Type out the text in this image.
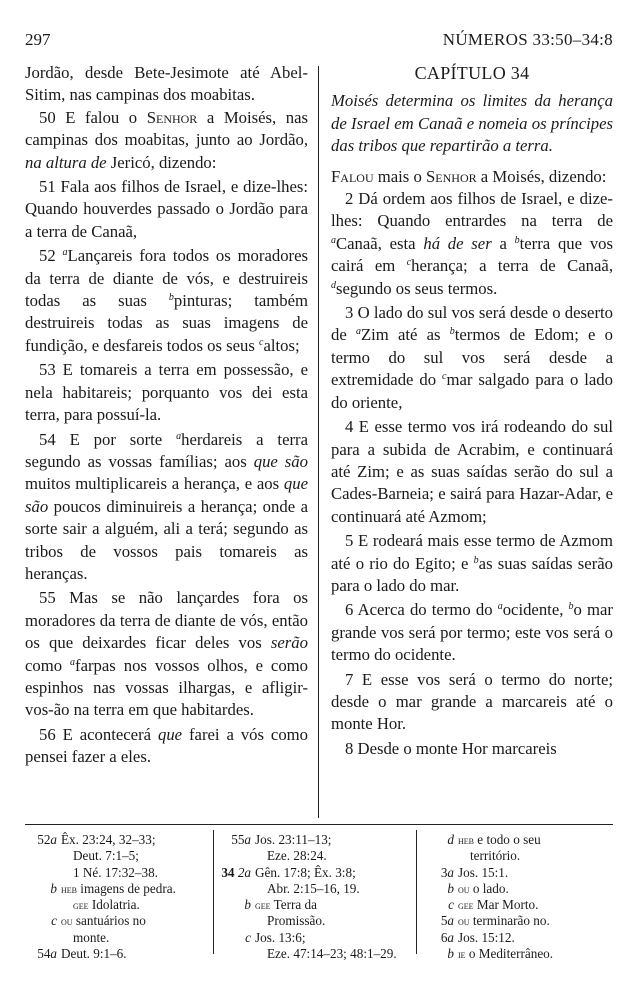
297	NÚMEROS 33:50–34:8

Jordão, desde Bete-Jesimote até Abel-Sitim, nas campinas dos moabitas.

50 E falou o Senhor a Moisés, nas campinas dos moabitas, junto ao Jordão, na altura de Jericó, dizendo:

51 Fala aos filhos de Israel, e dize-lhes: Quando houverdes passado o Jordão para a terra de Canaã,

52 $^a$Lançareis fora todos os moradores da terra de diante de vós, e destruireis todas as suas $^b$pinturas; também destruireis todas as suas imagens de fundição, e desfareis todos os seus $^c$altos;

53 E tomareis a terra em possessão, e nela habitareis; porquanto vos dei esta terra, para possuí-la.

54 E por sorte $^a$herdareis a terra segundo as vossas famílias; aos que são muitos multiplicareis a herança, e aos que são poucos diminuireis a herança; onde a sorte sair a alguém, ali a terá; segundo as tribos de vossos pais tomareis as heranças.

55 Mas se não lançardes fora os moradores da terra de diante de vós, então os que deixardes ficar deles vos serão como $^a$farpas nos vossos olhos, e como espinhos nas vossas ilhargas, e afligir-vos-ão na terra em que habitardes.

56 E acontecerá que farei a vós como pensei fazer a eles.

CAPÍTULO 34

Moisés determina os limites da herança de Israel em Canaã e nomeia os príncipes das tribos que repartirão a terra.

Falou mais o Senhor a Moisés, dizendo:

2 Dá ordem aos filhos de Israel, e dize-lhes: Quando entrardes na terra de $^a$Canaã, esta há de ser a $^b$terra que vos cairá em $^c$herança; a terra de Canaã, $^d$segundo os seus termos.

3 O lado do sul vos será desde o deserto de $^a$Zim até as $^b$termos de Edom; e o termo do sul vos será desde a extremidade do $^c$mar salgado para o lado do oriente,

4 E esse termo vos irá rodeando do sul para a subida de Acrabim, e continuará até Zim; e as suas saídas serão do sul a Cades-Barneia; e sairá para Hazar-Adar, e continuará até Azmom;

5 E rodeará mais esse termo de Azmom até o rio do Egito; e $^b$as suas saídas serão para o lado do mar.

6 Acerca do termo do $^a$ocidente, $^b$o mar grande vos será por termo; este vos será o termo do ocidente.

7 E esse vos será o termo do norte; desde o mar grande a marcareis até o monte Hor.

8 Desde o monte Hor marcareis

52a Êx. 23:24, 32–33;
Deut. 7:1–5;
1 Né. 17:32–38.
b heb imagens de pedra.
gee Idolatria.
c ou santuários no
monte.
54a Deut. 9:1–6.
55a Jos. 23:11–13;
Eze. 28:24.
34 2a Gên. 17:8; Êx. 3:8;
Abr. 2:15–16, 19.
b gee Terra da
Promissão.
c Jos. 13:6;
Eze. 47:14–23; 48:1–29.
d heb e todo o seu
território.
3a Jos. 15:1.
b ou o lado.
c gee Mar Morto.
5a ou terminarão no.
6a Jos. 15:12.
b ie o Mediterrâneo.
